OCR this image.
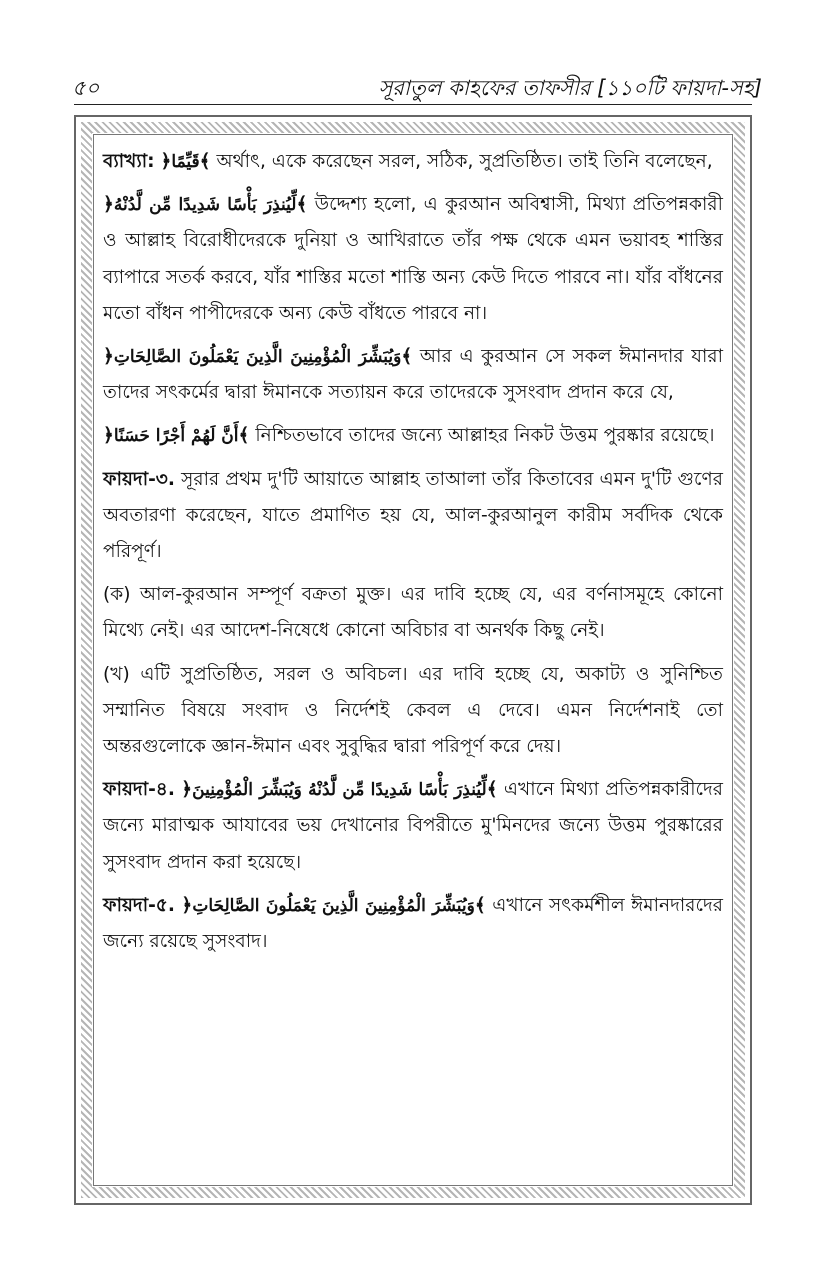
৫০	সূরাতুল কাহফের তাফসীর [১১০টি ফায়দা-সহ]

ব্যাখ্যা: ﴿قَيِّمًا﴾ অর্থাৎ, একে করেছেন সরল, সঠিক, সুপ্রতিষ্ঠিত। তাই তিনি বলেছেন,

﴿لِّيُنذِرَ بَأْسًا شَدِيدًا مِّن لَّدُنْهُ﴾ উদ্দেশ্য হলো, এ কুরআন অবিশ্বাসী, মিথ্যা প্রতিপন্নকারী ও আল্লাহ বিরোধীদেরকে দুনিয়া ও আখিরাতে তাঁর পক্ষ থেকে এমন ভয়াবহ শাস্তির ব্যাপারে সতর্ক করবে, যাঁর শাস্তির মতো শাস্তি অন্য কেউ দিতে পারবে না। যাঁর বাঁধনের মতো বাঁধন পাপীদেরকে অন্য কেউ বাঁধতে পারবে না।

﴿وَيُبَشِّرَ الْمُؤْمِنِينَ الَّذِينَ يَعْمَلُونَ الصَّالِحَاتِ﴾ আর এ কুরআন সে সকল ঈমানদার যারা তাদের সৎকর্মের দ্বারা ঈমানকে সত্যায়ন করে তাদেরকে সুসংবাদ প্রদান করে যে,

﴿أَنَّ لَهُمْ أَجْرًا حَسَنًا﴾ নিশ্চিতভাবে তাদের জন্যে আল্লাহর নিকট উত্তম পুরষ্কার রয়েছে।

ফায়দা-৩. সূরার প্রথম দু'টি আয়াতে আল্লাহ তাআলা তাঁর কিতাবের এমন দু'টি গুণের অবতারণা করেছেন, যাতে প্রমাণিত হয় যে, আল-কুরআনুল কারীম সর্বদিক থেকে পরিপূর্ণ।

(ক) আল-কুরআন সম্পূর্ণ বক্রতা মুক্ত। এর দাবি হচ্ছে যে, এর বর্ণনাসমূহে কোনো মিথ্যে নেই। এর আদেশ-নিষেধে কোনো অবিচার বা অনর্থক কিছু নেই।

(খ) এটি সুপ্রতিষ্ঠিত, সরল ও অবিচল। এর দাবি হচ্ছে যে, অকাট্য ও সুনিশ্চিত সম্মানিত বিষয়ে সংবাদ ও নির্দেশই কেবল এ দেবে। এমন নির্দেশনাই তো অন্তরগুলোকে জ্ঞান-ঈমান এবং সুবুদ্ধির দ্বারা পরিপূর্ণ করে দেয়।

ফায়দা-৪. ﴿لِّيُنذِرَ بَأْسًا شَدِيدًا مِّن لَّدُنْهُ وَيُبَشِّرَ الْمُؤْمِنِينَ﴾ এখানে মিথ্যা প্রতিপন্নকারীদের জন্যে মারাত্মক আযাবের ভয় দেখানোর বিপরীতে মু'মিনদের জন্যে উত্তম পুরষ্কারের সুসংবাদ প্রদান করা হয়েছে।

ফায়দা-৫. ﴿وَيُبَشِّرَ الْمُؤْمِنِينَ الَّذِينَ يَعْمَلُونَ الصَّالِحَاتِ﴾ এখানে সৎকর্মশীল ঈমানদারদের জন্যে রয়েছে সুসংবাদ।
